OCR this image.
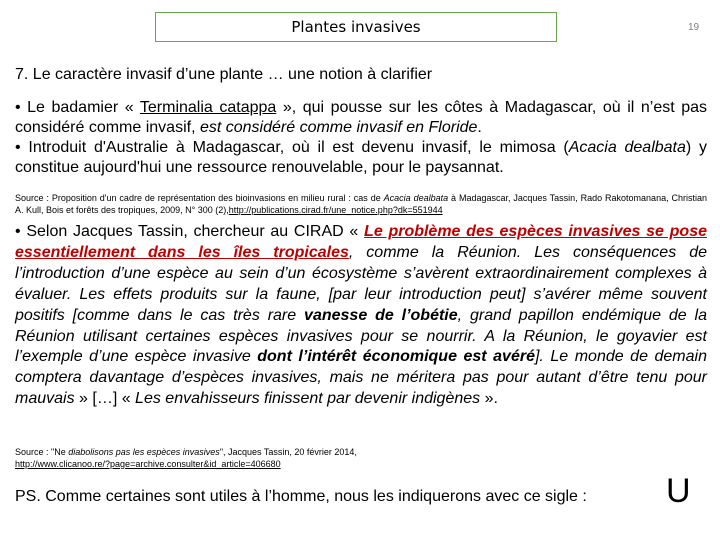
Plantes invasives	19
7. Le caractère invasif d’une plante … une notion à clarifier

• Le badamier « Terminalia catappa », qui pousse sur les côtes à Madagascar, où il n’est pas considéré comme invasif, est considéré comme invasif en Floride.
• Introduit d'Australie à Madagascar, où il est devenu invasif, le mimosa (Acacia dealbata) y constitue aujourd'hui une ressource renouvelable, pour le paysannat.

Source : Proposition d'un cadre de représentation des bioinvasions en milieu rural : cas de Acacia dealbata à Madagascar, Jacques Tassin, Rado Rakotomanana, Christian A. Kull, Bois et forêts des tropiques, 2009, N° 300 (2),http://publications.cirad.fr/une_notice.php?dk=551944

• Selon Jacques Tassin, chercheur au CIRAD « Le problème des espèces invasives se pose essentiellement dans les îles tropicales, comme la Réunion. Les conséquences de l’introduction d’une espèce au sein d’un écosystème s’avèrent extraordinairement complexes à évaluer. Les effets produits sur la faune, [par leur introduction peut] s’avérer même souvent positifs [comme dans le cas très rare vanesse de l’obétie, grand papillon endémique de la Réunion utilisant certaines espèces invasives pour se nourrir. A la Réunion, le goyavier est l’exemple d’une espèce invasive dont l’intérêt économique est avéré]. Le monde de demain comptera davantage d’espèces invasives, mais ne méritera pas pour autant d’être tenu pour mauvais » […] « Les envahisseurs finissent par devenir indigènes ».

Source : "Ne diabolisons pas les espèces invasives", Jacques Tassin, 20 février 2014,
http://www.clicanoo.re/?page=archive.consulter&id_article=406680

PS. Comme certaines sont utiles à l’homme, nous les indiquerons avec ce sigle : U
